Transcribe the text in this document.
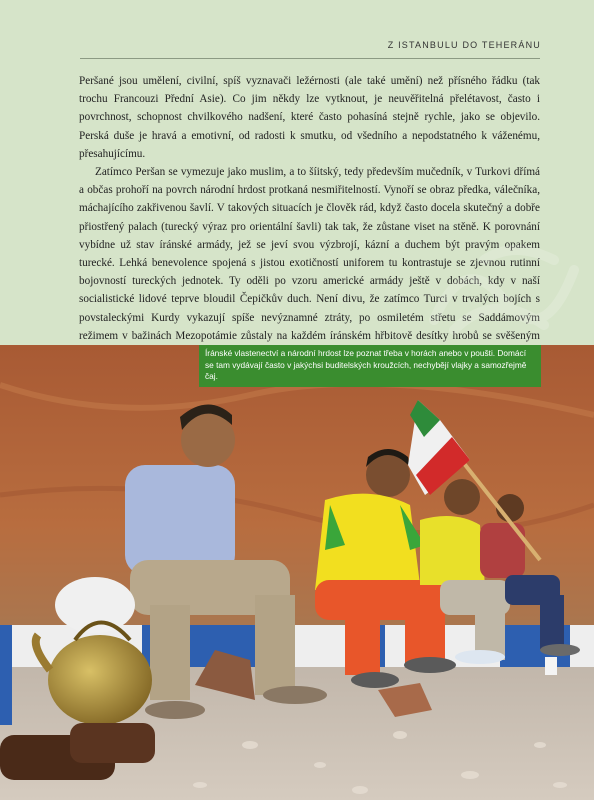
Z ISTANBULU DO TEHERÁNU

Peršané jsou umělení, civilní, spíš vyznavači ležérnosti (ale také umění) než přísného řádku (tak trochu Francouzi Přední Asie). Co jim někdy lze vytknout, je neuvěřitelná přelétavost, často i povrchnost, schopnost chvilkového nadšení, které často pohasíná stejně rychle, jako se objevilo. Perská duše je hravá a emotivní, od radosti k smutku, od všedního a nepodstatného k váženému, přesahujícímu.

Zatímco Peršan se vymezuje jako muslim, a to šíitský, tedy především mučedník, v Turkovi dřímá a občas prohoří na povrch národní hrdost protkaná nesmiřitelností. Vynoří se obraz předka, válečníka, máchajícího zakřivenou šavlí. V takových situacích je člověk rád, když často docela skutečný a dobře přiostřený palach (turecký výraz pro orientální šavli) tak tak, že zůstane viset na stěně. K porovnání vybídne už stav íránské armády, jež se jeví svou výzbrojí, kázní a duchem být pravým opakem turecké. Lehká benevolence spojená s jistou exotičností uniforem tu kontrastuje se zjevnou rutinní bojovností tureckých jednotek. Ty oděli po vzoru americké armády ještě v dobách, kdy v naší socialistické lidové teprve bloudil Čepičkův duch. Není divu, že zatímco Turci v trvalých bojích s povstaleckými Kurdy vykazují spíše nevýznamné ztráty, po osmiletém střetu se Saddámovým režimem v bažinách Mezopotámie zůstaly na každém íránském hřbitově desítky hrobů se svěšeným

Íránské vlastenectví a národní hrdost lze poznat třeba v horách anebo v poušti. Domácí se tam vydávají často v jakýchsi buditelských kroužcích, nechybějí vlajky a samozřejmě čaj.
